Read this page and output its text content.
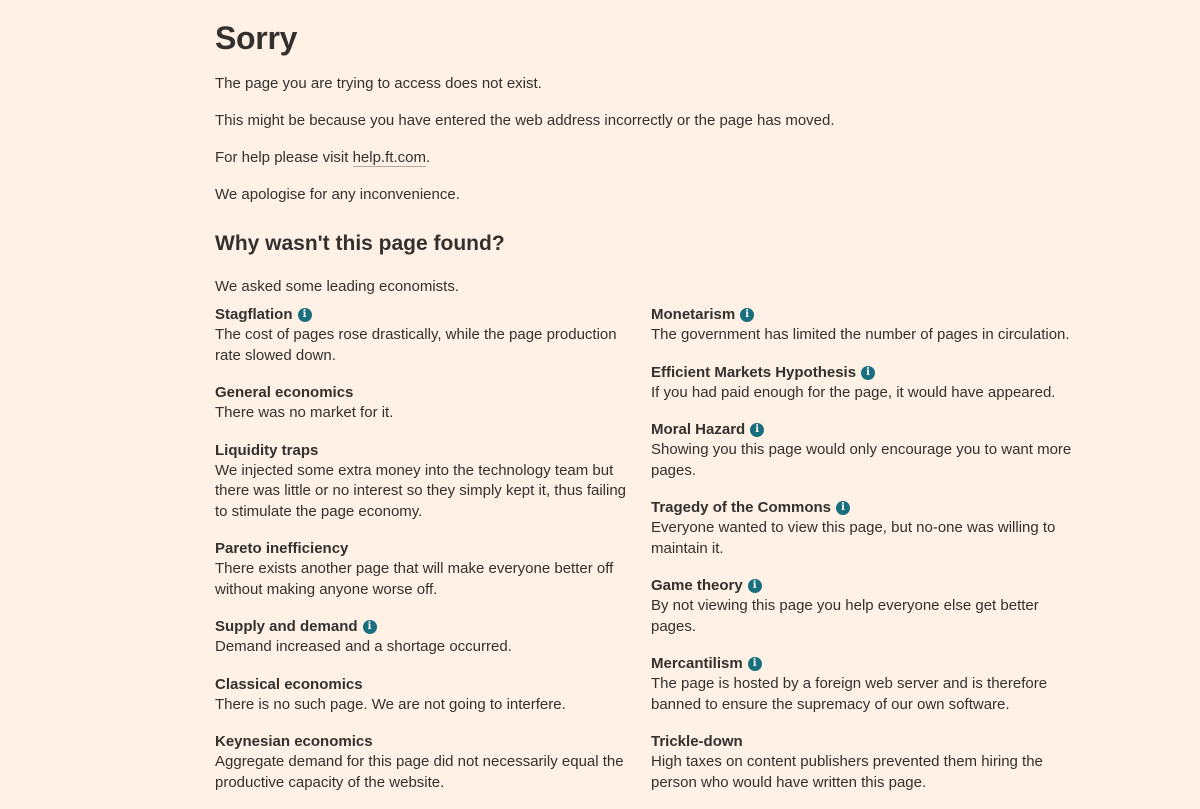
Sorry

The page you are trying to access does not exist.

This might be because you have entered the web address incorrectly or the page has moved.

For help please visit help.ft.com.

We apologise for any inconvenience.

Why wasn't this page found?

We asked some leading economists.

Stagflation	i
The cost of pages rose drastically, while the page production rate slowed down.
General economics
There was no market for it.
Liquidity traps
We injected some extra money into the technology team but there was little or no interest so they simply kept it, thus failing to stimulate the page economy.
Pareto inefficiency
There exists another page that will make everyone better off without making anyone worse off.
Supply and demand	i
Demand increased and a shortage occurred.
Classical economics
There is no such page. We are not going to interfere.
Keynesian economics
Aggregate demand for this page did not necessarily equal the productive capacity of the website.
Monetarism	i
The government has limited the number of pages in circulation.
Efficient Markets Hypothesis	i
If you had paid enough for the page, it would have appeared.
Moral Hazard	i
Showing you this page would only encourage you to want more pages.
Tragedy of the Commons	i
Everyone wanted to view this page, but no-one was willing to maintain it.
Game theory	i
By not viewing this page you help everyone else get better pages.
Mercantilism	i
The page is hosted by a foreign web server and is therefore banned to ensure the supremacy of our own software.
Trickle-down
High taxes on content publishers prevented them hiring the person who would have written this page.
